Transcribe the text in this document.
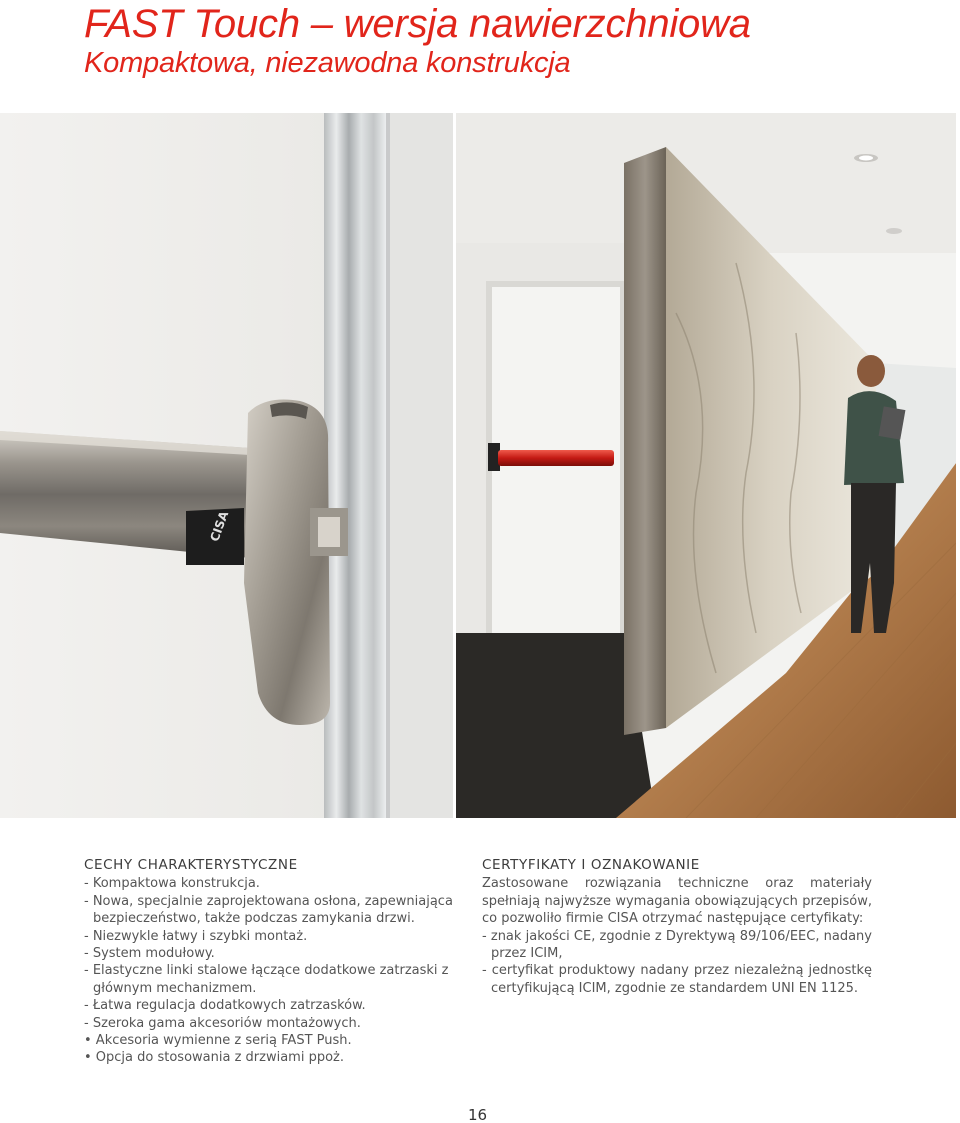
FAST Touch – wersja nawierzchniowa
Kompaktowa, niezawodna konstrukcja
CISA
CECHY CHARAKTERYSTYCZNE
- Kompaktowa konstrukcja.
- Nowa, specjalnie zaprojektowana osłona, zapewniająca bezpieczeństwo, także podczas zamykania drzwi.
- Niezwykle łatwy i szybki montaż.
- System modułowy.
- Elastyczne linki stalowe łączące dodatkowe zatrzaski z głównym mechanizmem.
- Łatwa regulacja dodatkowych zatrzasków.
- Szeroka gama akcesoriów montażowych.
• Akcesoria wymienne z serią FAST Push.
• Opcja do stosowania z drzwiami ppoż.
CERTYFIKATY I OZNAKOWANIE
Zastosowane rozwiązania techniczne oraz materiały spełniają najwyższe wymagania obowiązujących przepisów, co pozwoliło firmie CISA otrzymać następujące certyfikaty:
- znak jakości CE, zgodnie z Dyrektywą 89/106/EEC, nadany przez ICIM,
- certyfikat produktowy nadany przez niezależną jednostkę certyfikującą ICIM, zgodnie ze standardem UNI EN 1125.
16
